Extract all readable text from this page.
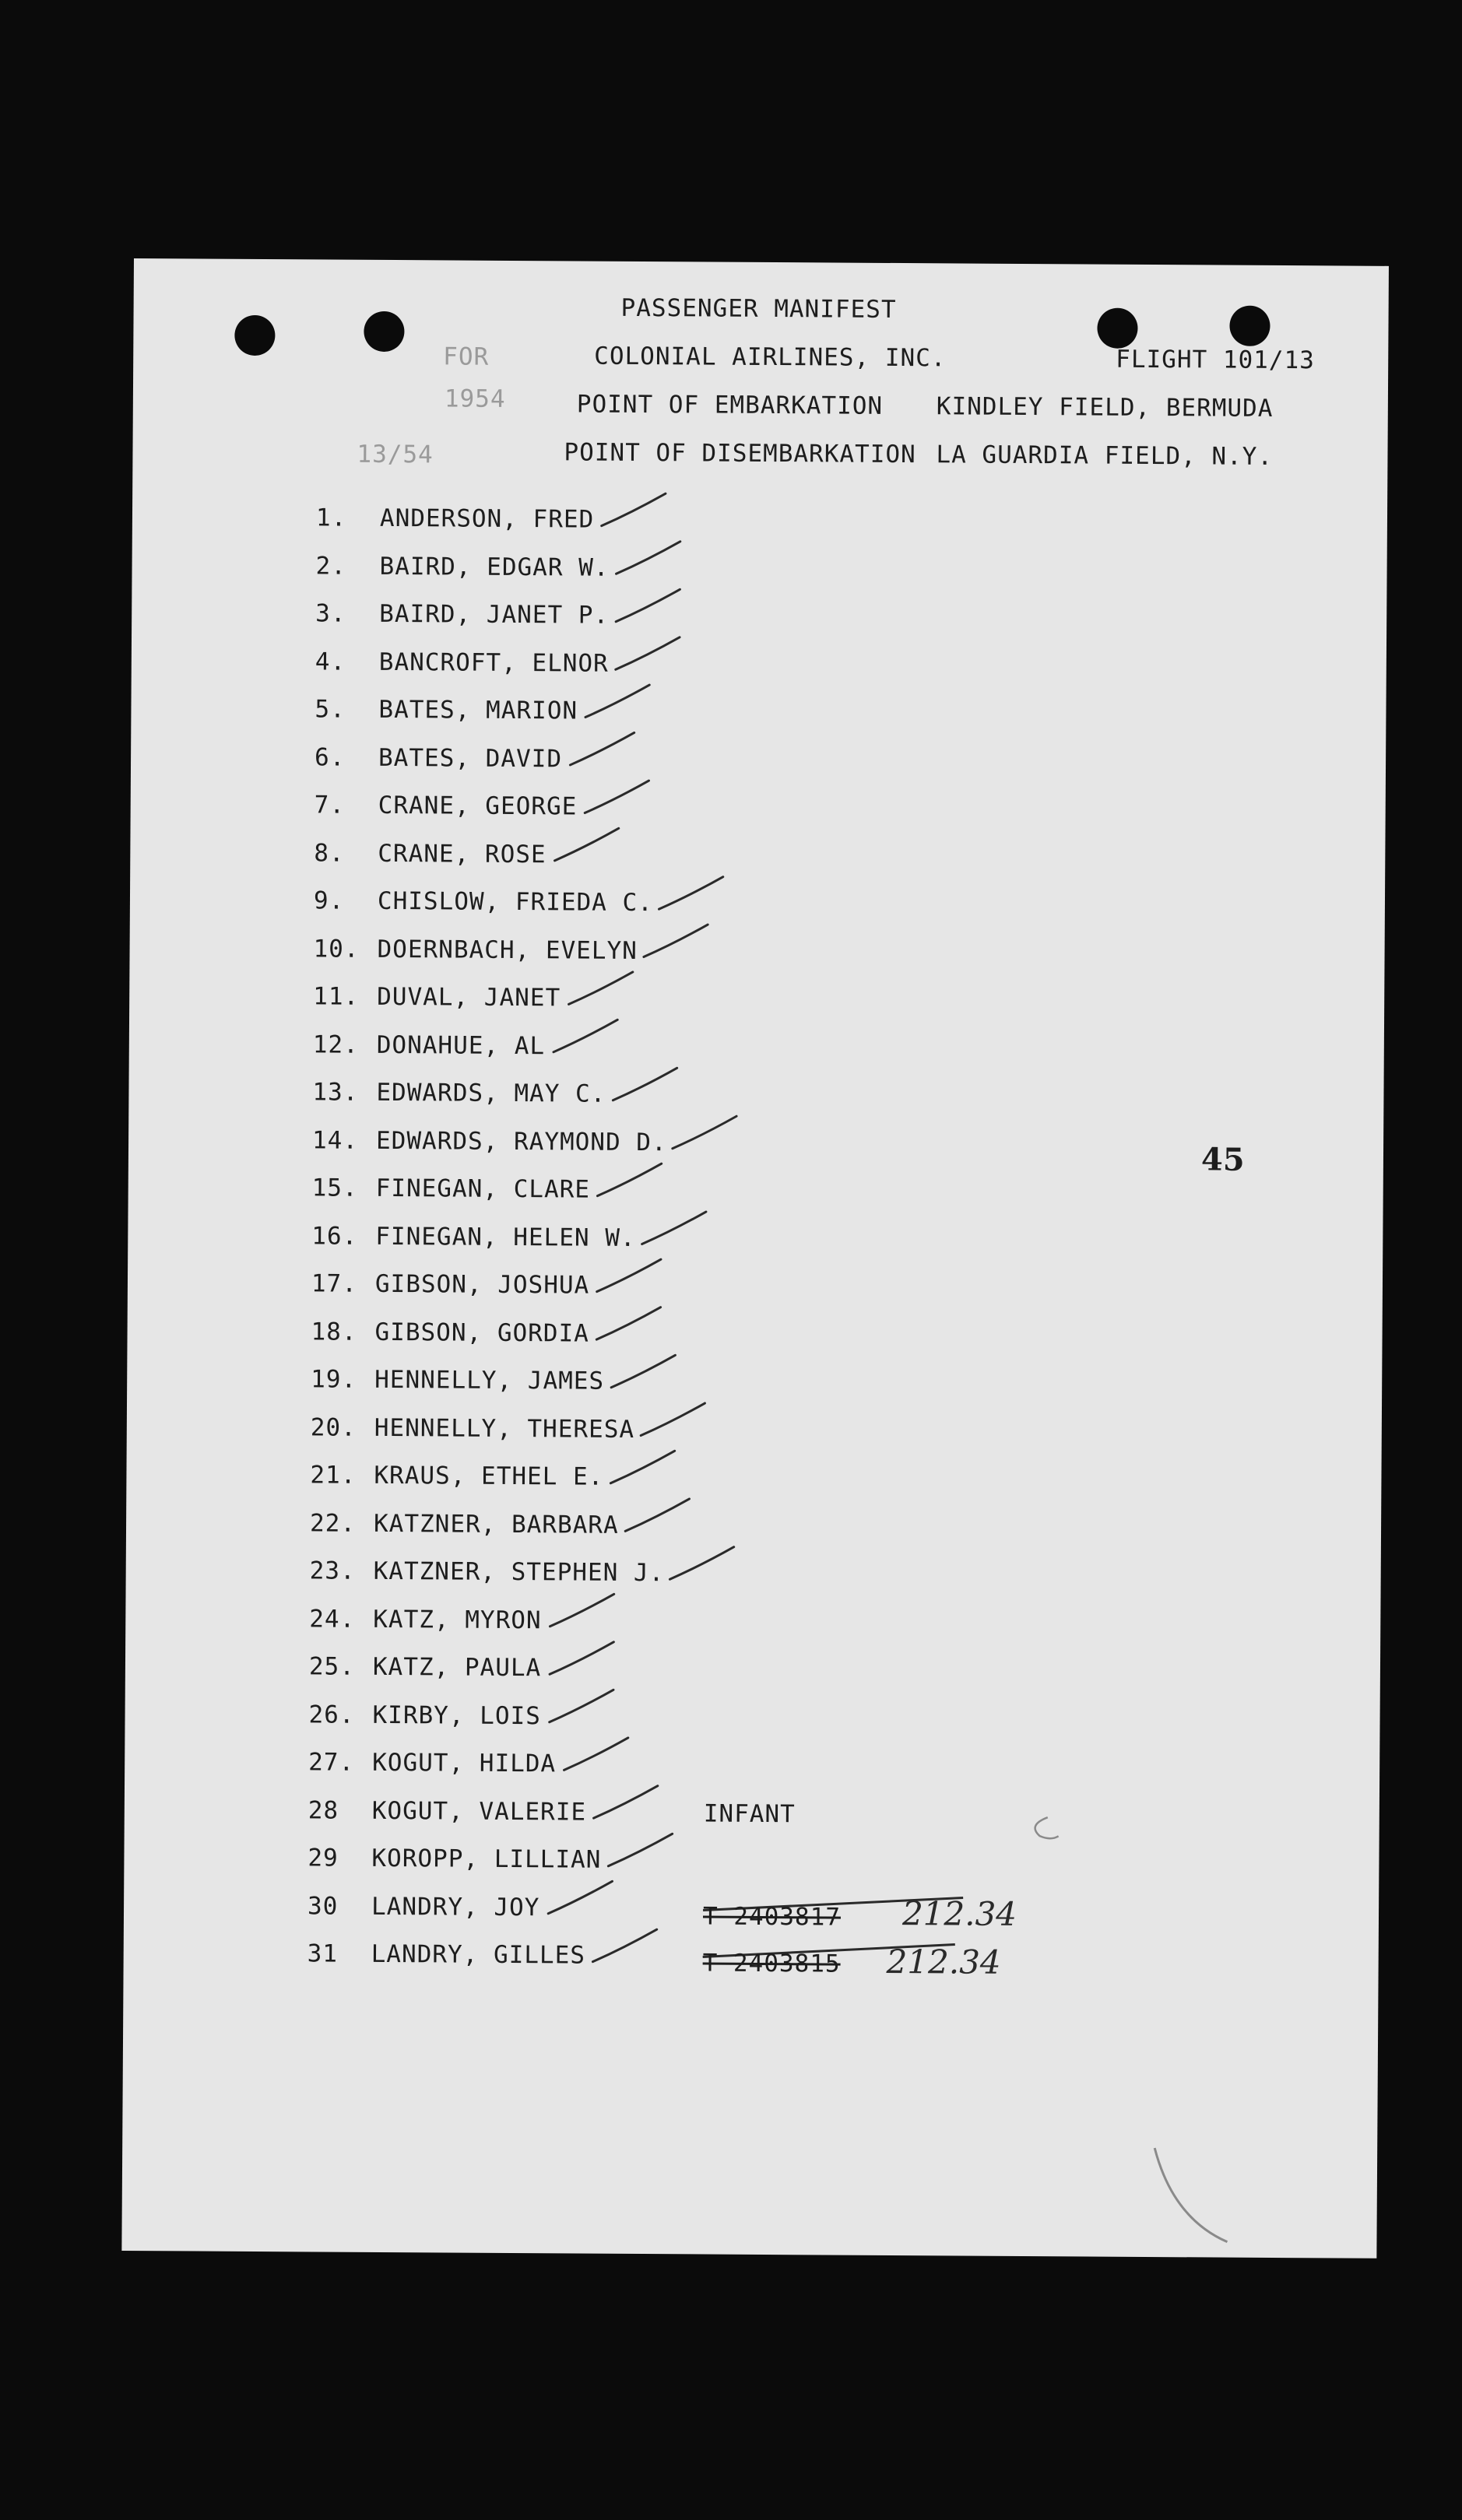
PASSENGER MANIFEST
COLONIAL AIRLINES, INC.	FLIGHT 101/13
POINT OF EMBARKATION KINDLEY FIELD, BERMUDA
POINT OF DISEMBARKATION LA GUARDIA FIELD, N.Y.
FOR
1954
13/54
45
1. ANDERSON, FRED
2. BAIRD, EDGAR W.
3. BAIRD, JANET P.
4. BANCROFT, ELNOR
5. BATES, MARION
6. BATES, DAVID
7. CRANE, GEORGE
8. CRANE, ROSE
9. CHISLOW, FRIEDA C.
10. DOERNBACH, EVELYN
11. DUVAL, JANET
12. DONAHUE, AL
13. EDWARDS, MAY C.
14. EDWARDS, RAYMOND D.
15. FINEGAN, CLARE
16. FINEGAN, HELEN W.
17. GIBSON, JOSHUA
18. GIBSON, GORDIA
19. HENNELLY, JAMES
20. HENNELLY, THERESA
21. KRAUS, ETHEL E.
22. KATZNER, BARBARA
23. KATZNER, STEPHEN J.
24. KATZ, MYRON
25. KATZ, PAULA
26. KIRBY, LOIS
27. KOGUT, HILDA
28 KOGUT, VALERIE
29 KOROPP, LILLIAN
30 LANDRY, JOY
31 LANDRY, GILLES
INFANT
T 2403817
T 2403815
212.34
212.34
